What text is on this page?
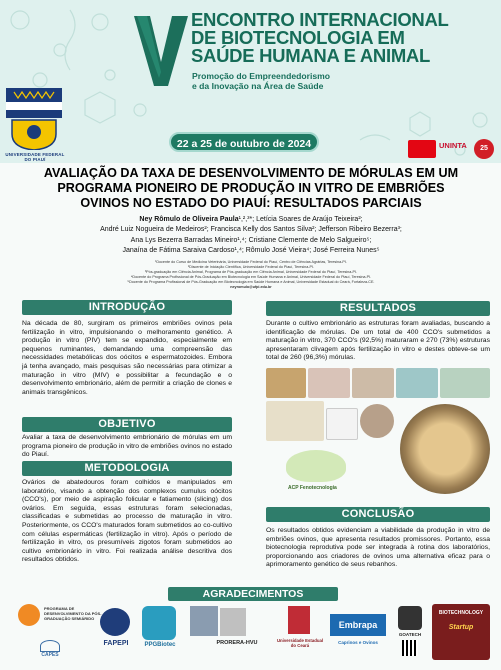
ENCONTRO INTERNACIONAL
DE BIOTECNOLOGIA EM
SAÚDE HUMANA E ANIMAL
Promoção do Empreendedorismo
e da Inovação na Área de Saúde
UNIVERSIDADE FEDERAL DO PIAUÍ
22 a 25 de outubro de 2024	UNINTA	25
AVALIAÇÃO DA TAXA DE DESENVOLVIMENTO DE MÓRULAS EM UM
PROGRAMA PIONEIRO DE PRODUÇÃO IN VITRO DE EMBRIÕES
OVINOS NO ESTADO DO PIAUÍ: RESULTADOS PARCIAIS
Ney Rômulo de Oliveira Paula¹,²,³*; Letícia Soares de Araújo Teixeira²;
André Luiz Nogueira de Medeiros²; Francisca Kelly dos Santos Silva²; Jefferson Ribeiro Bezerra³;
Ana Lys Bezerra Barradas Mineiro¹,⁴; Cristiane Clemente de Melo Salgueiro⁵;
Janaína de Fátima Saraiva Cardoso¹,⁴; Rômulo José Vieira⁴; José Ferreira Nunes⁵
¹Docente do Curso de Medicina Veterinária, Universidade Federal do Piauí, Centro de Ciências Agrárias, Teresina-PI.
²Discente de Iniciação Científica, Universidade Federal do Piauí, Teresina-PI.
³Pós-graduação em Ciência Animal, Programa de Pós-graduação em Ciência Animal, Universidade Federal do Piauí, Teresina-PI.
⁴Docente do Programa Profissional de Pós-Graduação em Biotecnologia em Saúde Humana e Animal, Universidade Federal do Piauí, Teresina-PI.
⁵Docente do Programa Profissional de Pós-Graduação em Biotecnologia em Saúde Humana e Animal, Universidade Estadual do Ceará, Fortaleza-CE.
neyromulo@ufpi.edu.br
INTRODUÇÃO

Na década de 80, surgiram os primeiros embriões ovinos pela fertilização in vitro, impulsionando o melhoramento genético. A produção in vitro (PIV) tem se expandido, especialmente em pequenos ruminantes, demandando uma compreensão das necessidades metabólicas dos oócitos e espermatozoides. Embora já tenha avançado, mais pesquisas são necessárias para otimizar a maturação in vitro (MIV) e possibilitar a fecundação e o desenvolvimento embrionário, além de permitir a criação de clones e animais transgênicos.

OBJETIVO

Avaliar a taxa de desenvolvimento embrionário de mórulas em um programa pioneiro de produção in vitro de embriões ovinos no estado do Piauí.

METODOLOGIA

Ovários de abatedouros foram colhidos e manipulados em laboratório, visando a obtenção dos complexos cumulus oócitos (CCO's), por meio de aspiração folicular e fatiamento (slicing) dos ovários. Em seguida, essas estruturas foram selecionadas, classificadas e submetidas ao processo de maturação in vitro. Posteriormente, os CCO's maturados foram submetidos ao co-cultivo com células espermáticas (fertilização in vitro). Após o período de fertilização in vitro, os presumíveis zigotos foram submetidos ao cultivo embrionário in vitro. Foi realizada análise descritiva dos resultados obtidos.

RESULTADOS

Durante o cultivo embrionário as estruturas foram avaliadas, buscando a identificação de mórulas. De um total de 400 CCO's submetidos a maturação in vitro, 370 CCO's (92,5%) maturaram e 270 (73%) estruturas apresentaram clivagem após fertilização in vitro e destes obteve-se um total de 260 (96,3%) mórulas.

ACP Fenotecnologia
CONCLUSÃO

Os resultados obtidos evidenciam a viabilidade da produção in vitro de embriões ovinos, que apresenta resultados promissores. Portanto, essa biotecnologia reprodutiva pode ser integrada à rotina dos laboratórios, proporcionando aos criadores de ovinos uma alternativa eficaz para o aprimoramento genético de seus rebanhos.

AGRADECIMENTOS
PROGRAMA DE DESENVOLVIMENTO DA PÓS-GRADUAÇÃO SEMIÁRIDO
CAPES
FAPEPI	PPGBiotec	PRORERA-HVU	Universidade Estadual do Ceará
Embrapa
Caprinos e Ovinos
GOATECH
BIOTECHNOLOGY
Startup
